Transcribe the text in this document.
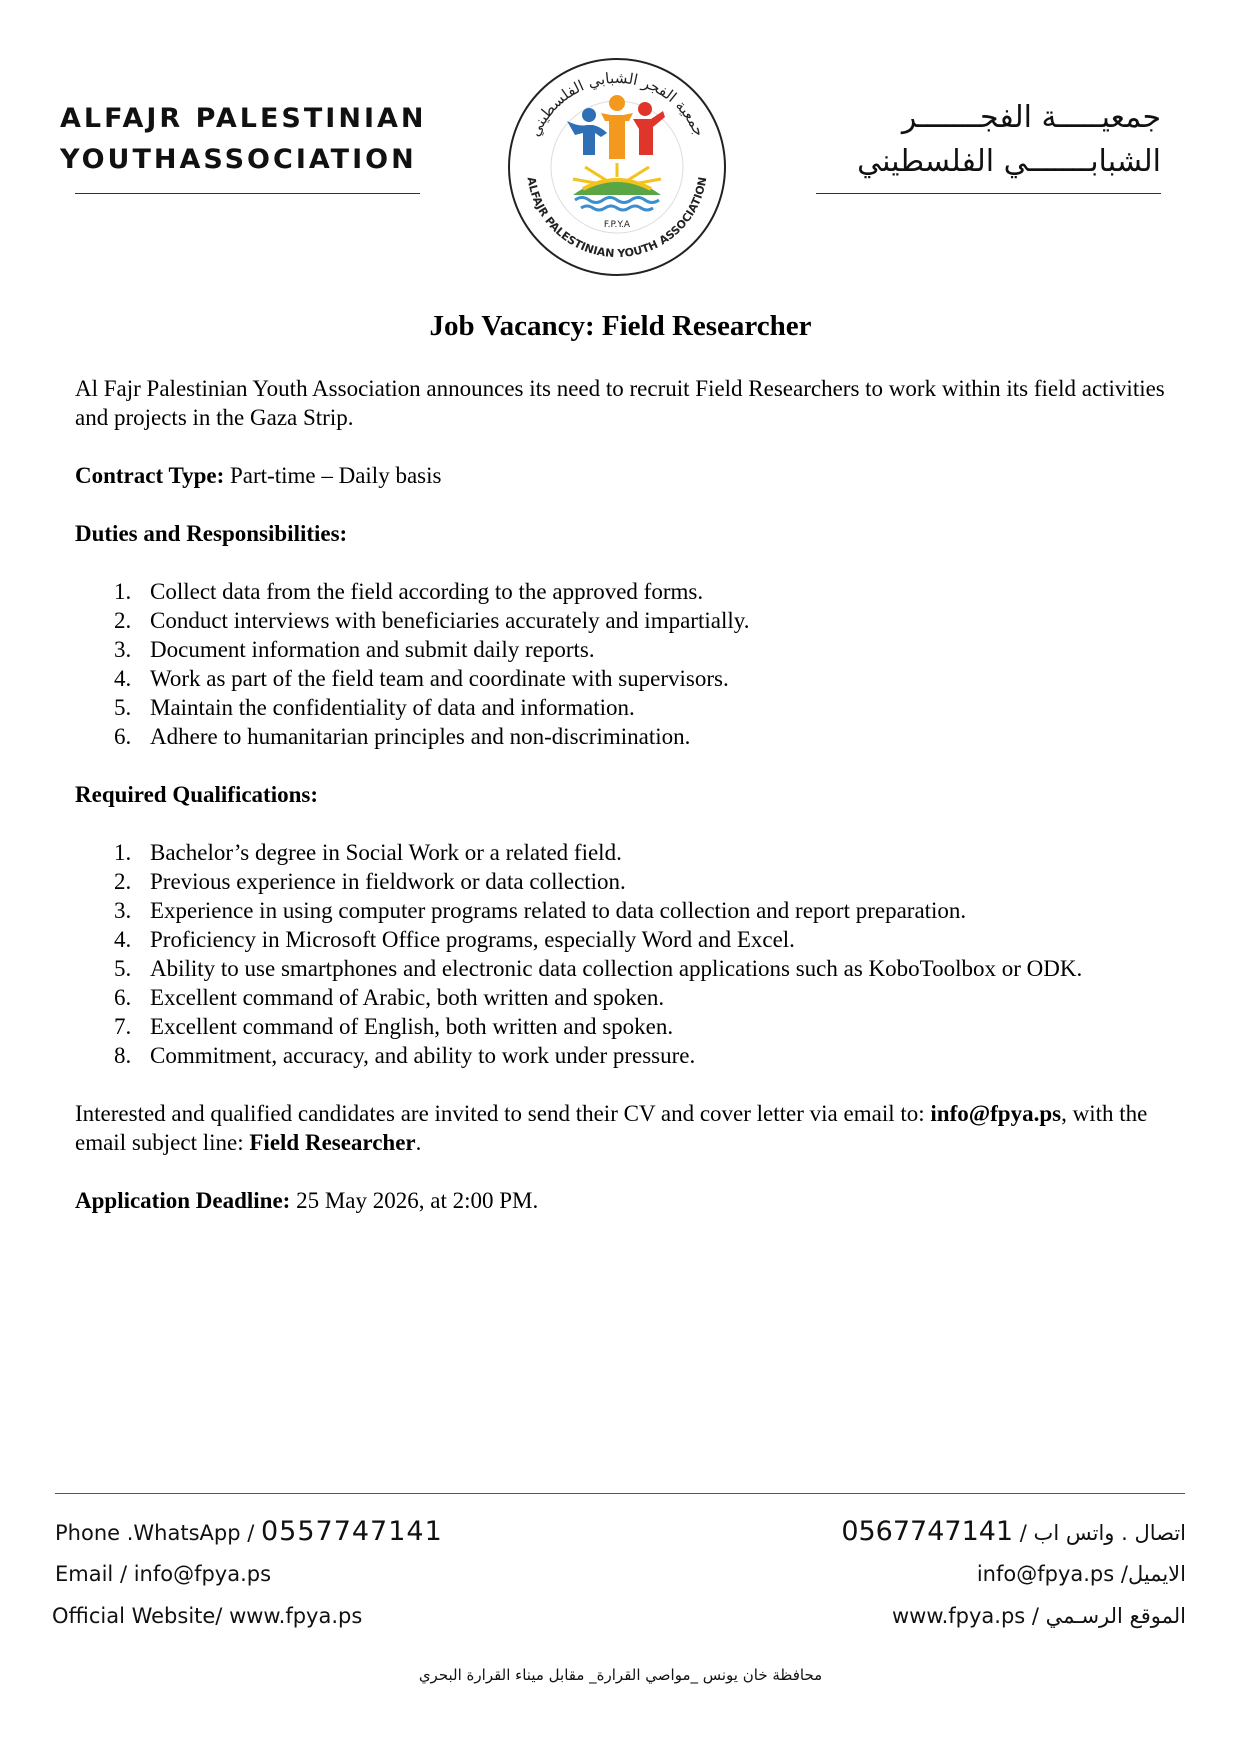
ALFAJR PALESTINIAN
YOUTHASSOCIATION
جمعية الفجر الشبابي الفلسطيني
ALFAJR PALESTINIAN YOUTH ASSOCIATION
F.P.Y.A
جمعيـــــة الفجـــــــر
الشبابـــــــي الفلسطيني
Job Vacancy: Field Researcher

Al Fajr Palestinian Youth Association announces its need to recruit Field Researchers to work within its field activities and projects in the Gaza Strip.

Contract Type: Part-time – Daily basis

Duties and Responsibilities:

1. Collect data from the field according to the approved forms.
2. Conduct interviews with beneficiaries accurately and impartially.
3. Document information and submit daily reports.
4. Work as part of the field team and coordinate with supervisors.
5. Maintain the confidentiality of data and information.
6. Adhere to humanitarian principles and non-discrimination.

Required Qualifications:

1. Bachelor’s degree in Social Work or a related field.
2. Previous experience in fieldwork or data collection.
3. Experience in using computer programs related to data collection and report preparation.
4. Proficiency in Microsoft Office programs, especially Word and Excel.
5. Ability to use smartphones and electronic data collection applications such as KoboToolbox or ODK.
6. Excellent command of Arabic, both written and spoken.
7. Excellent command of English, both written and spoken.
8. Commitment, accuracy, and ability to work under pressure.

Interested and qualified candidates are invited to send their CV and cover letter via email to: info@fpya.ps, with the email subject line: Field Researcher.

Application Deadline: 25 May 2026, at 2:00 PM.

Phone .WhatsApp / 0557747141
Email / info@fpya.ps
Official Website/ www.fpya.ps
اتصال . واتس اب / 0567747141
الايميل/ info@fpya.ps
الموقع الرسـمي / www.fpya.ps
محافظة خان يونس _مواصي القرارة_ مقابل ميناء القرارة البحري
